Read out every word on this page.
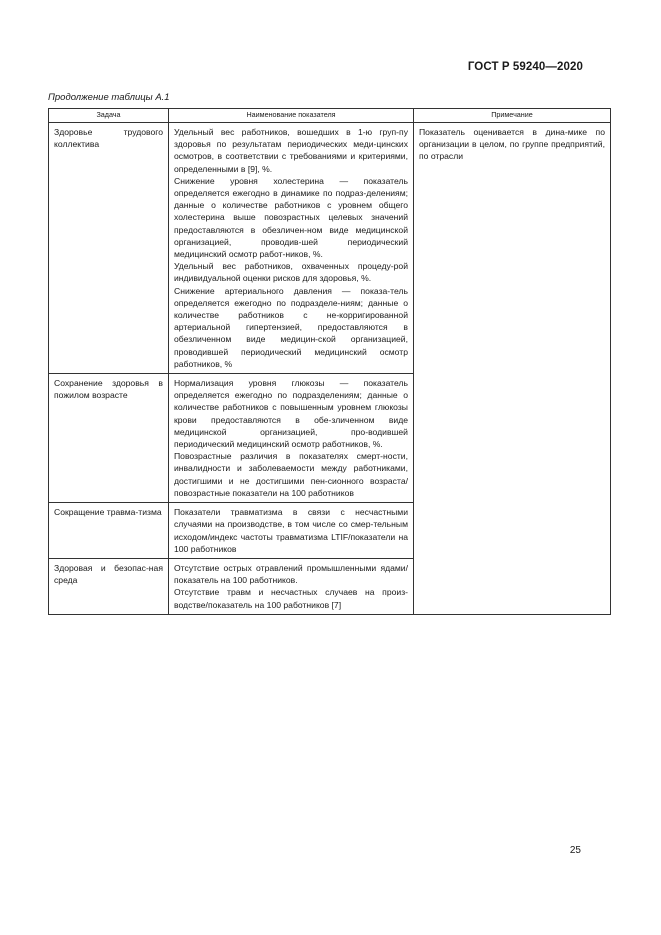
ГОСТ Р 59240—2020
Продолжение таблицы А.1
Задача	Наименование показателя	Примечание
Здоровье трудового коллектива	Удельный вес работников, вошедших в 1-ю груп-пу здоровья по результатам периодических меди-цинских осмотров, в соответствии с требованиями и критериями, определенными в [9], %.
Снижение уровня холестерина — показатель определяется ежегодно в динамике по подраз-делениям; данные о количестве работников с уровнем общего холестерина выше повозрастных целевых значений предоставляются в обезличен-ном виде медицинской организацией, проводив-шей периодический медицинский осмотр работ-ников, %.
Удельный вес работников, охваченных процеду-рой индивидуальной оценки рисков для здоровья, %.
Снижение артериального давления — показа-тель определяется ежегодно по подразделе-ниям; данные о количестве работников с не-корригированной артериальной гипертензией, предоставляются в обезличенном виде медицин-ской организацией, проводившей периодический медицинский осмотр работников, %	Показатель оценивается в дина-мике по организации в целом, по группе предприятий, по отрасли
Сохранение здоровья в пожилом возрасте	Нормализация уровня глюкозы — показатель определяется ежегодно по подразделениям; данные о количестве работников с повышенным уровнем глюкозы крови предоставляются в обе-зличенном виде медицинской организацией, про-водившей периодический медицинский осмотр работников, %.
Повозрастные различия в показателях смерт-ности, инвалидности и заболеваемости между работниками, достигшими и не достигшими пен-сионного возраста/повозрастные показатели на 100 работников	

Сокращение травма-тизма	Показатели травматизма в связи с несчастными случаями на производстве, в том числе со смер-тельным исходом/индекс частоты травматизма LTIF/показатели на 100 работников	

Здоровая и безопас-ная среда	Отсутствие острых отравлений промышленными ядами/показатель на 100 работников.
Отсутствие травм и несчастных случаев на произ-водстве/показатель на 100 работников [7]	
25
